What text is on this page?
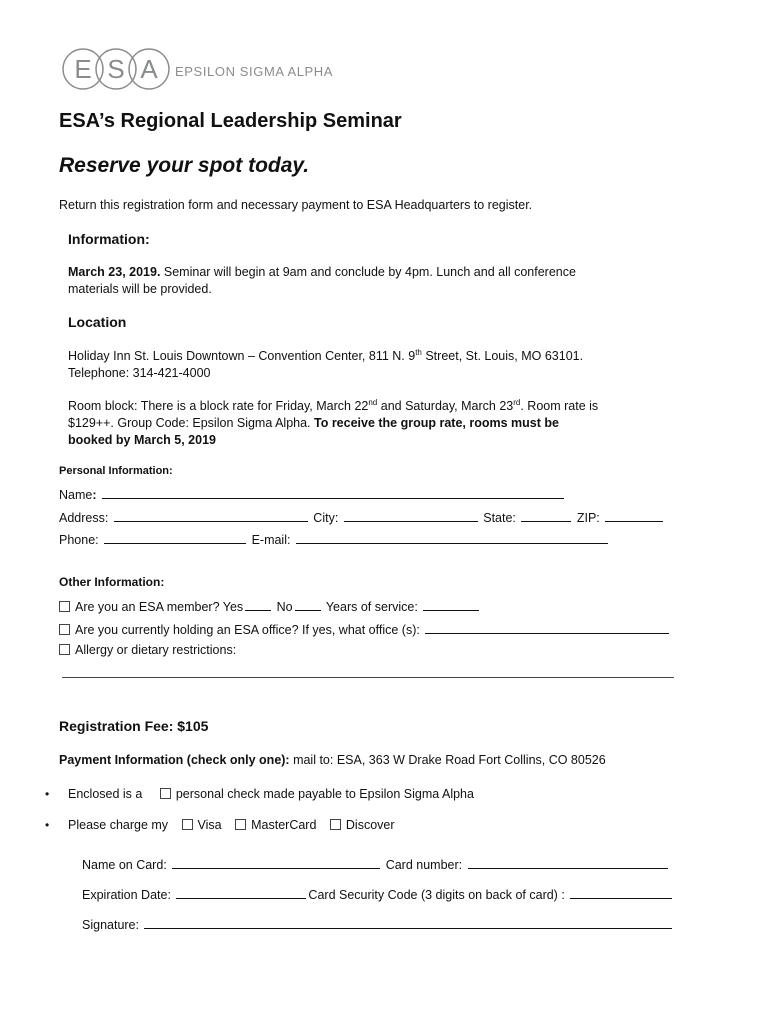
E S A EPSILON SIGMA ALPHA
ESA’s Regional Leadership Seminar
Reserve your spot today.
Return this registration form and necessary payment to ESA Headquarters to register.
Information:
March 23, 2019. Seminar will begin at 9am and conclude by 4pm. Lunch and all conference
materials will be provided.
Location
Holiday Inn St. Louis Downtown – Convention Center, 811 N. 9th Street, St. Louis, MO 63101.
Telephone: 314-421-4000
Room block: There is a block rate for Friday, March 22nd and Saturday, March 23rd. Room rate is
$129++. Group Code: Epsilon Sigma Alpha. To receive the group rate, rooms must be
booked by March 5, 2019
Personal Information:
Name:
Address:	City:	State:	ZIP:
Phone:	E-mail:
Other Information:
Are you an ESA member? Yes No Years of service:
Are you currently holding an ESA office? If yes, what office (s):
Allergy or dietary restrictions:
Registration Fee: $105
Payment Information (check only one): mail to: ESA, 363 W Drake Road Fort Collins, CO 80526
• Enclosed is a	personal check made payable to Epsilon Sigma Alpha
• Please charge my Visa MasterCard Discover
Name on Card:	Card number:
Expiration Date:	Card Security Code (3 digits on back of card) :
Signature:
